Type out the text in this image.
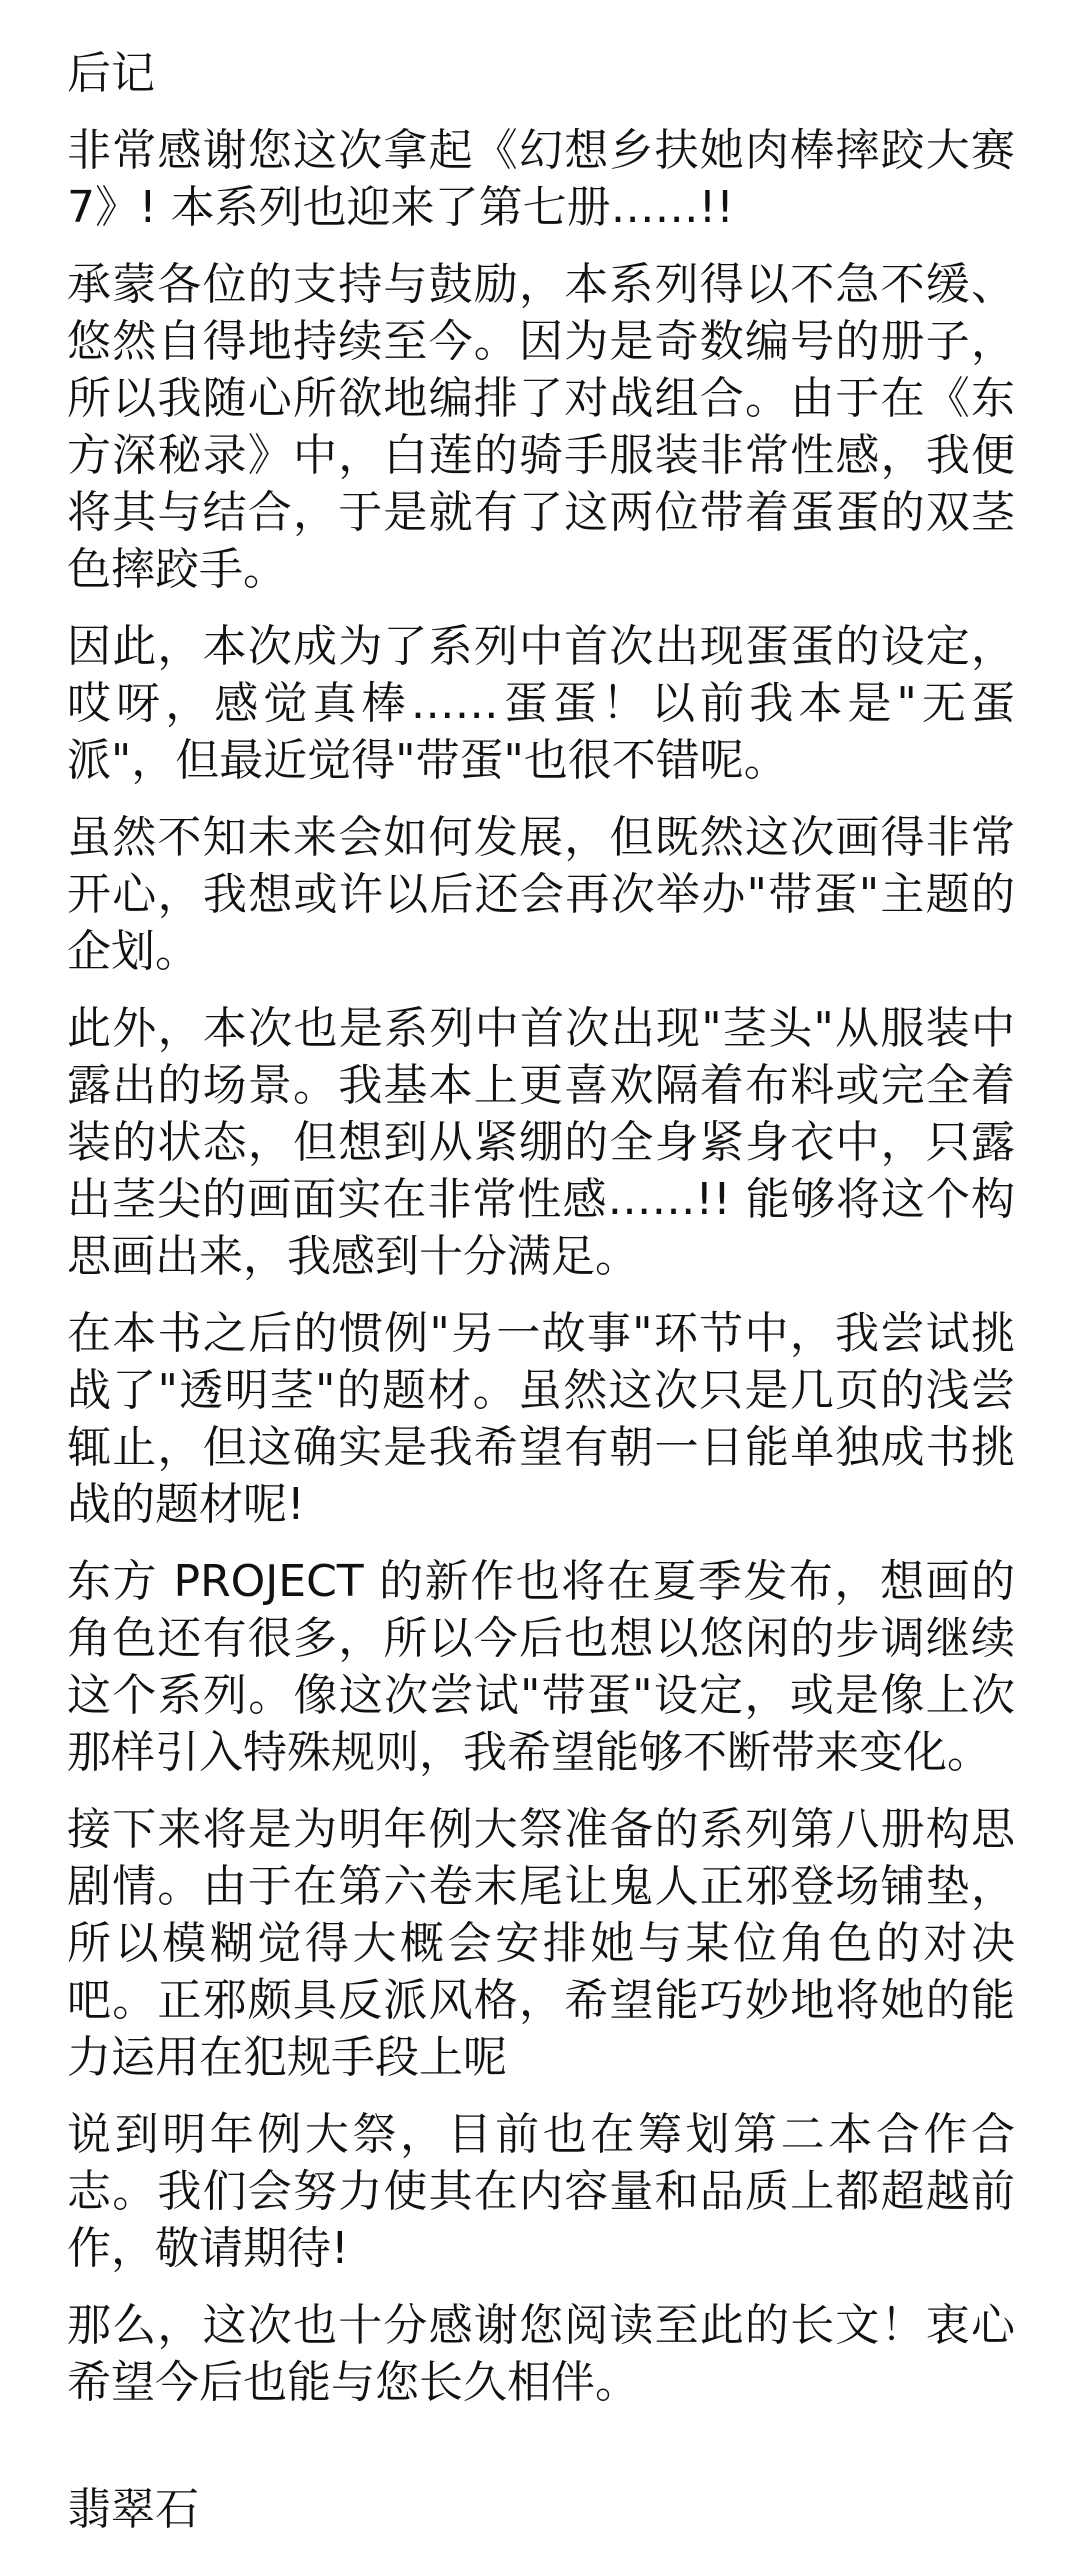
后记

非常感谢您这次拿起《幻想乡扶她肉棒摔跤大赛 7》! 本系列也迎来了第七册……!!

承蒙各位的支持与鼓励，本系列得以不急不缓、悠然自得地持续至今。因为是奇数编号的册子，所以我随心所欲地编排了对战组合。由于在《东方深秘录》中，白莲的骑手服装非常性感，我便将其与结合，于是就有了这两位带着蛋蛋的双茎色摔跤手。

因此，本次成为了系列中首次出现蛋蛋的设定，哎呀，感觉真棒……蛋蛋！以前我本是"无蛋派"，但最近觉得"带蛋"也很不错呢。

虽然不知未来会如何发展，但既然这次画得非常开心，我想或许以后还会再次举办"带蛋"主题的企划。

此外，本次也是系列中首次出现"茎头"从服装中露出的场景。我基本上更喜欢隔着布料或完全着装的状态，但想到从紧绷的全身紧身衣中，只露出茎尖的画面实在非常性感……!! 能够将这个构思画出来，我感到十分满足。

在本书之后的惯例"另一故事"环节中，我尝试挑战了"透明茎"的题材。虽然这次只是几页的浅尝辄止，但这确实是我希望有朝一日能单独成书挑战的题材呢!

东方 PROJECT 的新作也将在夏季发布，想画的角色还有很多，所以今后也想以悠闲的步调继续这个系列。像这次尝试"带蛋"设定，或是像上次那样引入特殊规则，我希望能够不断带来变化。

接下来将是为明年例大祭准备的系列第八册构思剧情。由于在第六卷末尾让鬼人正邪登场铺垫，所以模糊觉得大概会安排她与某位角色的对决吧。正邪颇具反派风格，希望能巧妙地将她的能力运用在犯规手段上呢

说到明年例大祭，目前也在筹划第二本合作合志。我们会努力使其在内容量和品质上都超越前作，敬请期待!

那么，这次也十分感谢您阅读至此的长文！衷心希望今后也能与您长久相伴。

翡翠石
